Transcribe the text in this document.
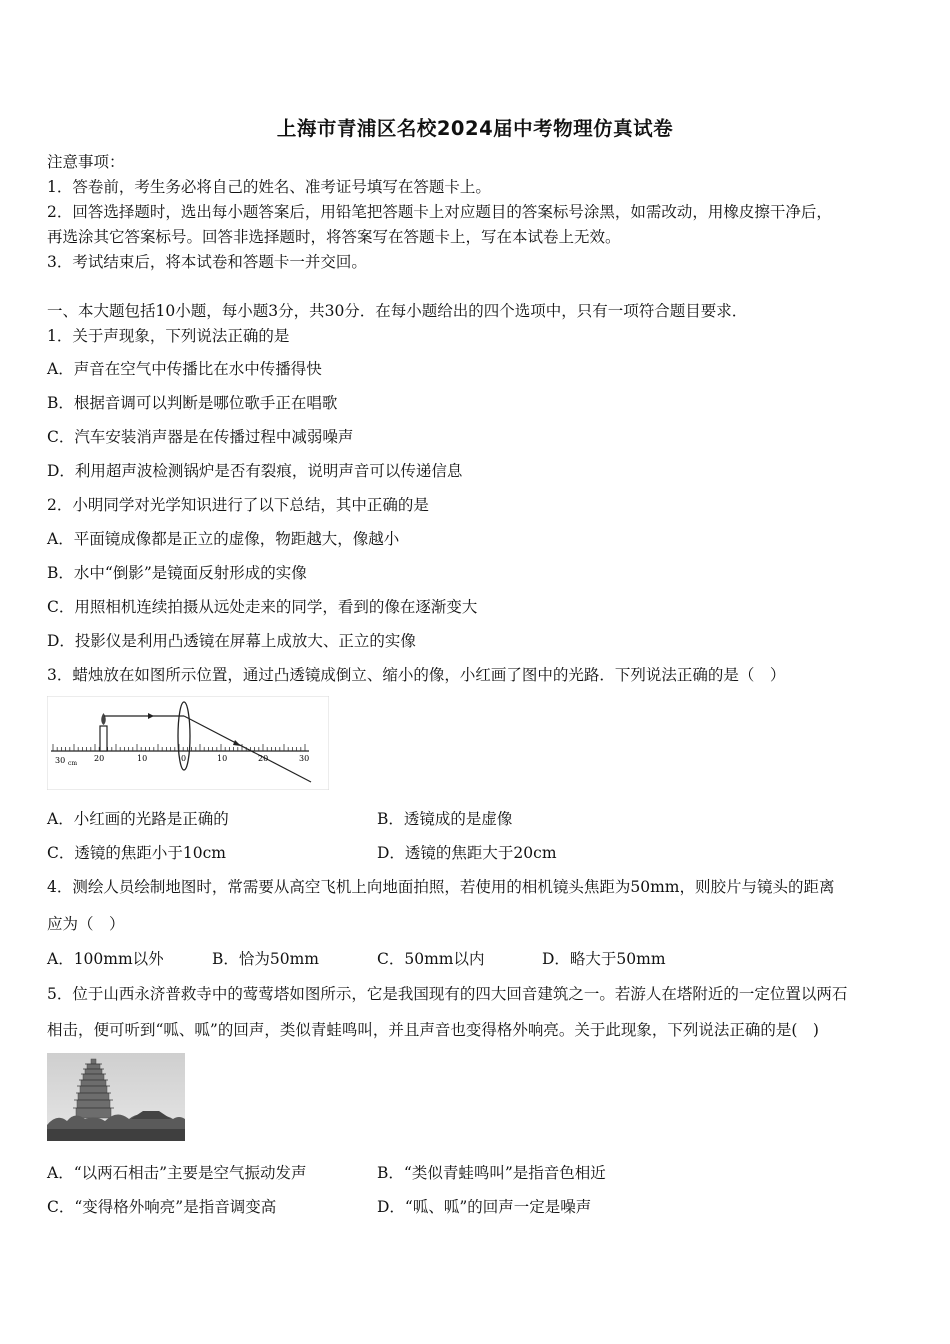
上海市青浦区名校2024届中考物理仿真试卷
注意事项：
1．答卷前，考生务必将自己的姓名、准考证号填写在答题卡上。
2．回答选择题时，选出每小题答案后，用铅笔把答题卡上对应题目的答案标号涂黑，如需改动，用橡皮擦干净后，
再选涂其它答案标号。回答非选择题时，将答案写在答题卡上，写在本试卷上无效。
3．考试结束后，将本试卷和答题卡一并交回。
一、本大题包括10小题，每小题3分，共30分．在每小题给出的四个选项中，只有一项符合题目要求．
1．关于声现象，下列说法正确的是
A．声音在空气中传播比在水中传播得快
B．根据音调可以判断是哪位歌手正在唱歌
C．汽车安装消声器是在传播过程中减弱噪声
D．利用超声波检测锅炉是否有裂痕，说明声音可以传递信息
2．小明同学对光学知识进行了以下总结，其中正确的是
A．平面镜成像都是正立的虚像，物距越大，像越小
B．水中“倒影”是镜面反射形成的实像
C．用照相机连续拍摄从远处走来的同学，看到的像在逐渐变大
D．投影仪是利用凸透镜在屏幕上成放大、正立的实像
3．蜡烛放在如图所示位置，通过凸透镜成倒立、缩小的像，小红画了图中的光路．下列说法正确的是（　）
30 cm
20	10	0	10	20	30
A．小红画的光路是正确的	B．透镜成的是虚像
C．透镜的焦距小于10cm	D．透镜的焦距大于20cm
4．测绘人员绘制地图时，常需要从高空飞机上向地面拍照，若使用的相机镜头焦距为50mm，则胶片与镜头的距离
应为（　）
A．100mm以外	B．恰为50mm	C．50mm以内	D．略大于50mm
5．位于山西永济普救寺中的莺莺塔如图所示，它是我国现有的四大回音建筑之一。若游人在塔附近的一定位置以两石
相击，便可听到“呱、呱”的回声，类似青蛙鸣叫，并且声音也变得格外响亮。关于此现象，下列说法正确的是(　)
A．“以两石相击”主要是空气振动发声	B．“类似青蛙鸣叫”是指音色相近
C．“变得格外响亮”是指音调变高	D．“呱、呱”的回声一定是噪声
